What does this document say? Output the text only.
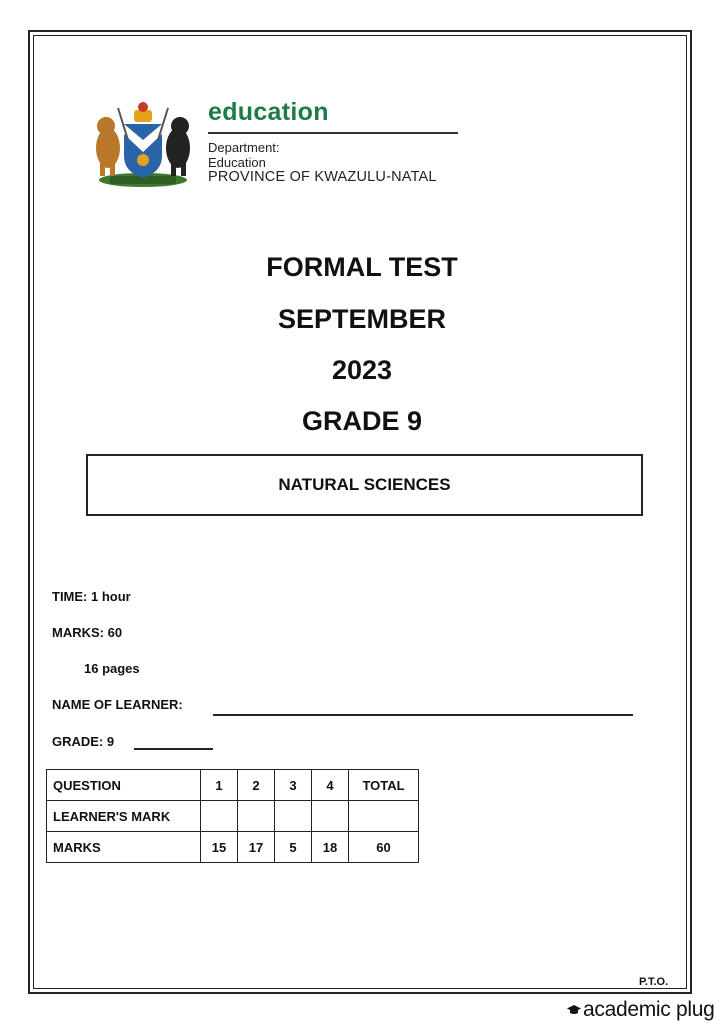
education
Department:
Education
PROVINCE OF KWAZULU-NATAL
FORMAL TEST
SEPTEMBER
2023
GRADE 9
NATURAL SCIENCES
TIME: 1 hour
MARKS: 60
16 pages
NAME OF LEARNER:
GRADE: 9
QUESTION	1	2	3	4	TOTAL
LEARNER'S MARK					
MARKS	15	17	5	18	60
P.T.O.
academic plug
